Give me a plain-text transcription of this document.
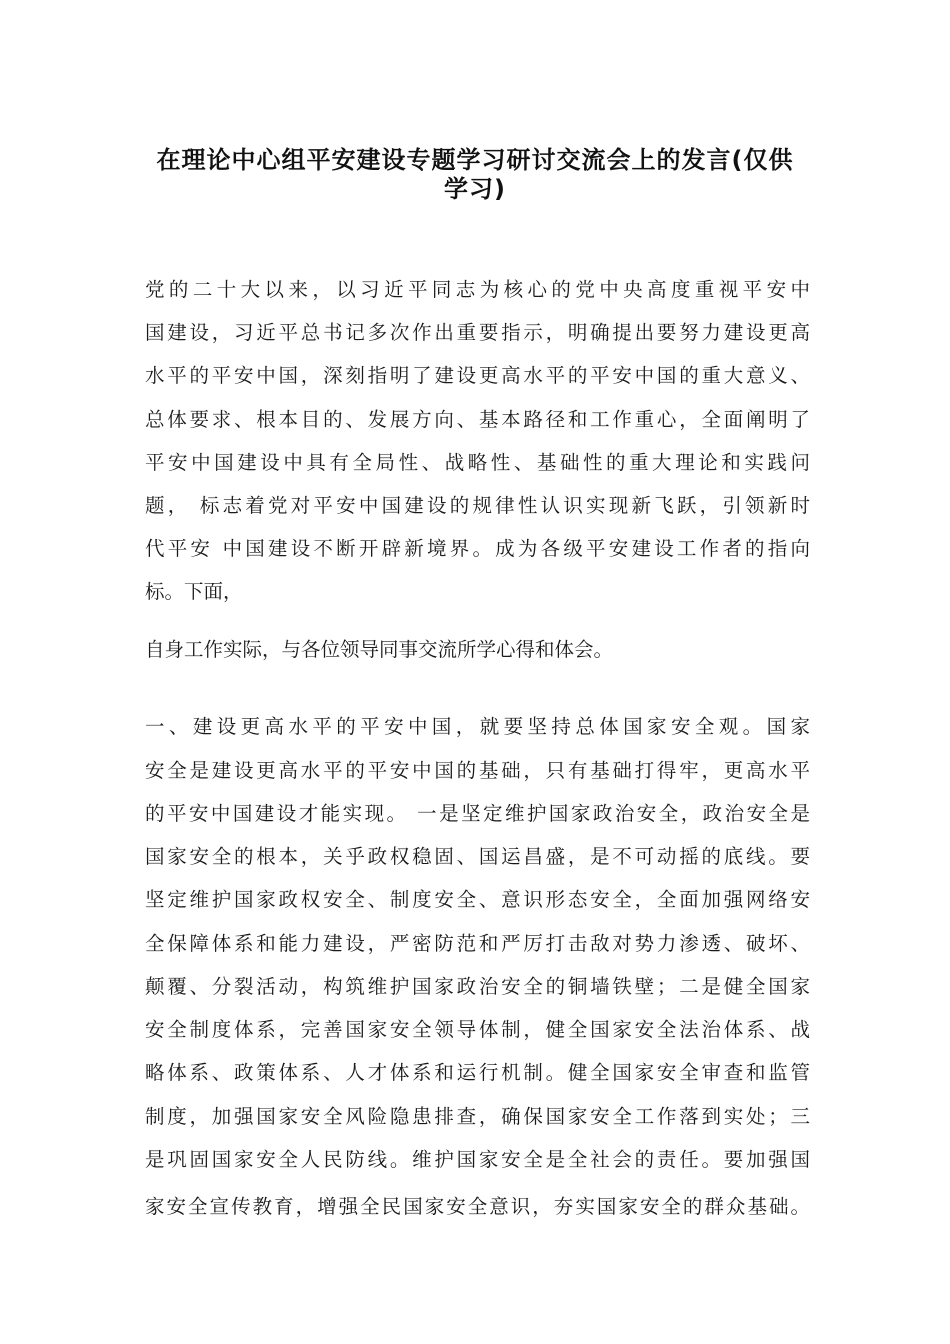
在理论中心组平安建设专题学习研讨交流会上的发言(仅供
学习)

党的二十大以来，以习近平同志为核心的党中央高度重视平安中

国建设，习近平总书记多次作出重要指示，明确提出要努力建设更高

水平的平安中国，深刻指明了建设更高水平的平安中国的重大意义、

总体要求、根本目的、发展方向、基本路径和工作重心，全面阐明了

平安中国建设中具有全局性、战略性、基础性的重大理论和实践问

题， 标志着党对平安中国建设的规律性认识实现新飞跃，引领新时

代平安 中国建设不断开辟新境界。成为各级平安建设工作者的指向

标。下面，

自身工作实际，与各位领导同事交流所学心得和体会。

一、建设更高水平的平安中国，就要坚持总体国家安全观。国家

安全是建设更高水平的平安中国的基础，只有基础打得牢，更高水平

的平安中国建设才能实现。 一是坚定维护国家政治安全，政治安全是

国家安全的根本，关乎政权稳固、国运昌盛，是不可动摇的底线。要

坚定维护国家政权安全、制度安全、意识形态安全，全面加强网络安

全保障体系和能力建设，严密防范和严厉打击敌对势力渗透、破坏、

颠覆、分裂活动，构筑维护国家政治安全的铜墙铁壁；二是健全国家

安全制度体系，完善国家安全领导体制，健全国家安全法治体系、战

略体系、政策体系、人才体系和运行机制。健全国家安全审查和监管

制度，加强国家安全风险隐患排查，确保国家安全工作落到实处；三

是巩固国家安全人民防线。维护国家安全是全社会的责任。要加强国

家安全宣传教育，增强全民国家安全意识，夯实国家安全的群众基础。
